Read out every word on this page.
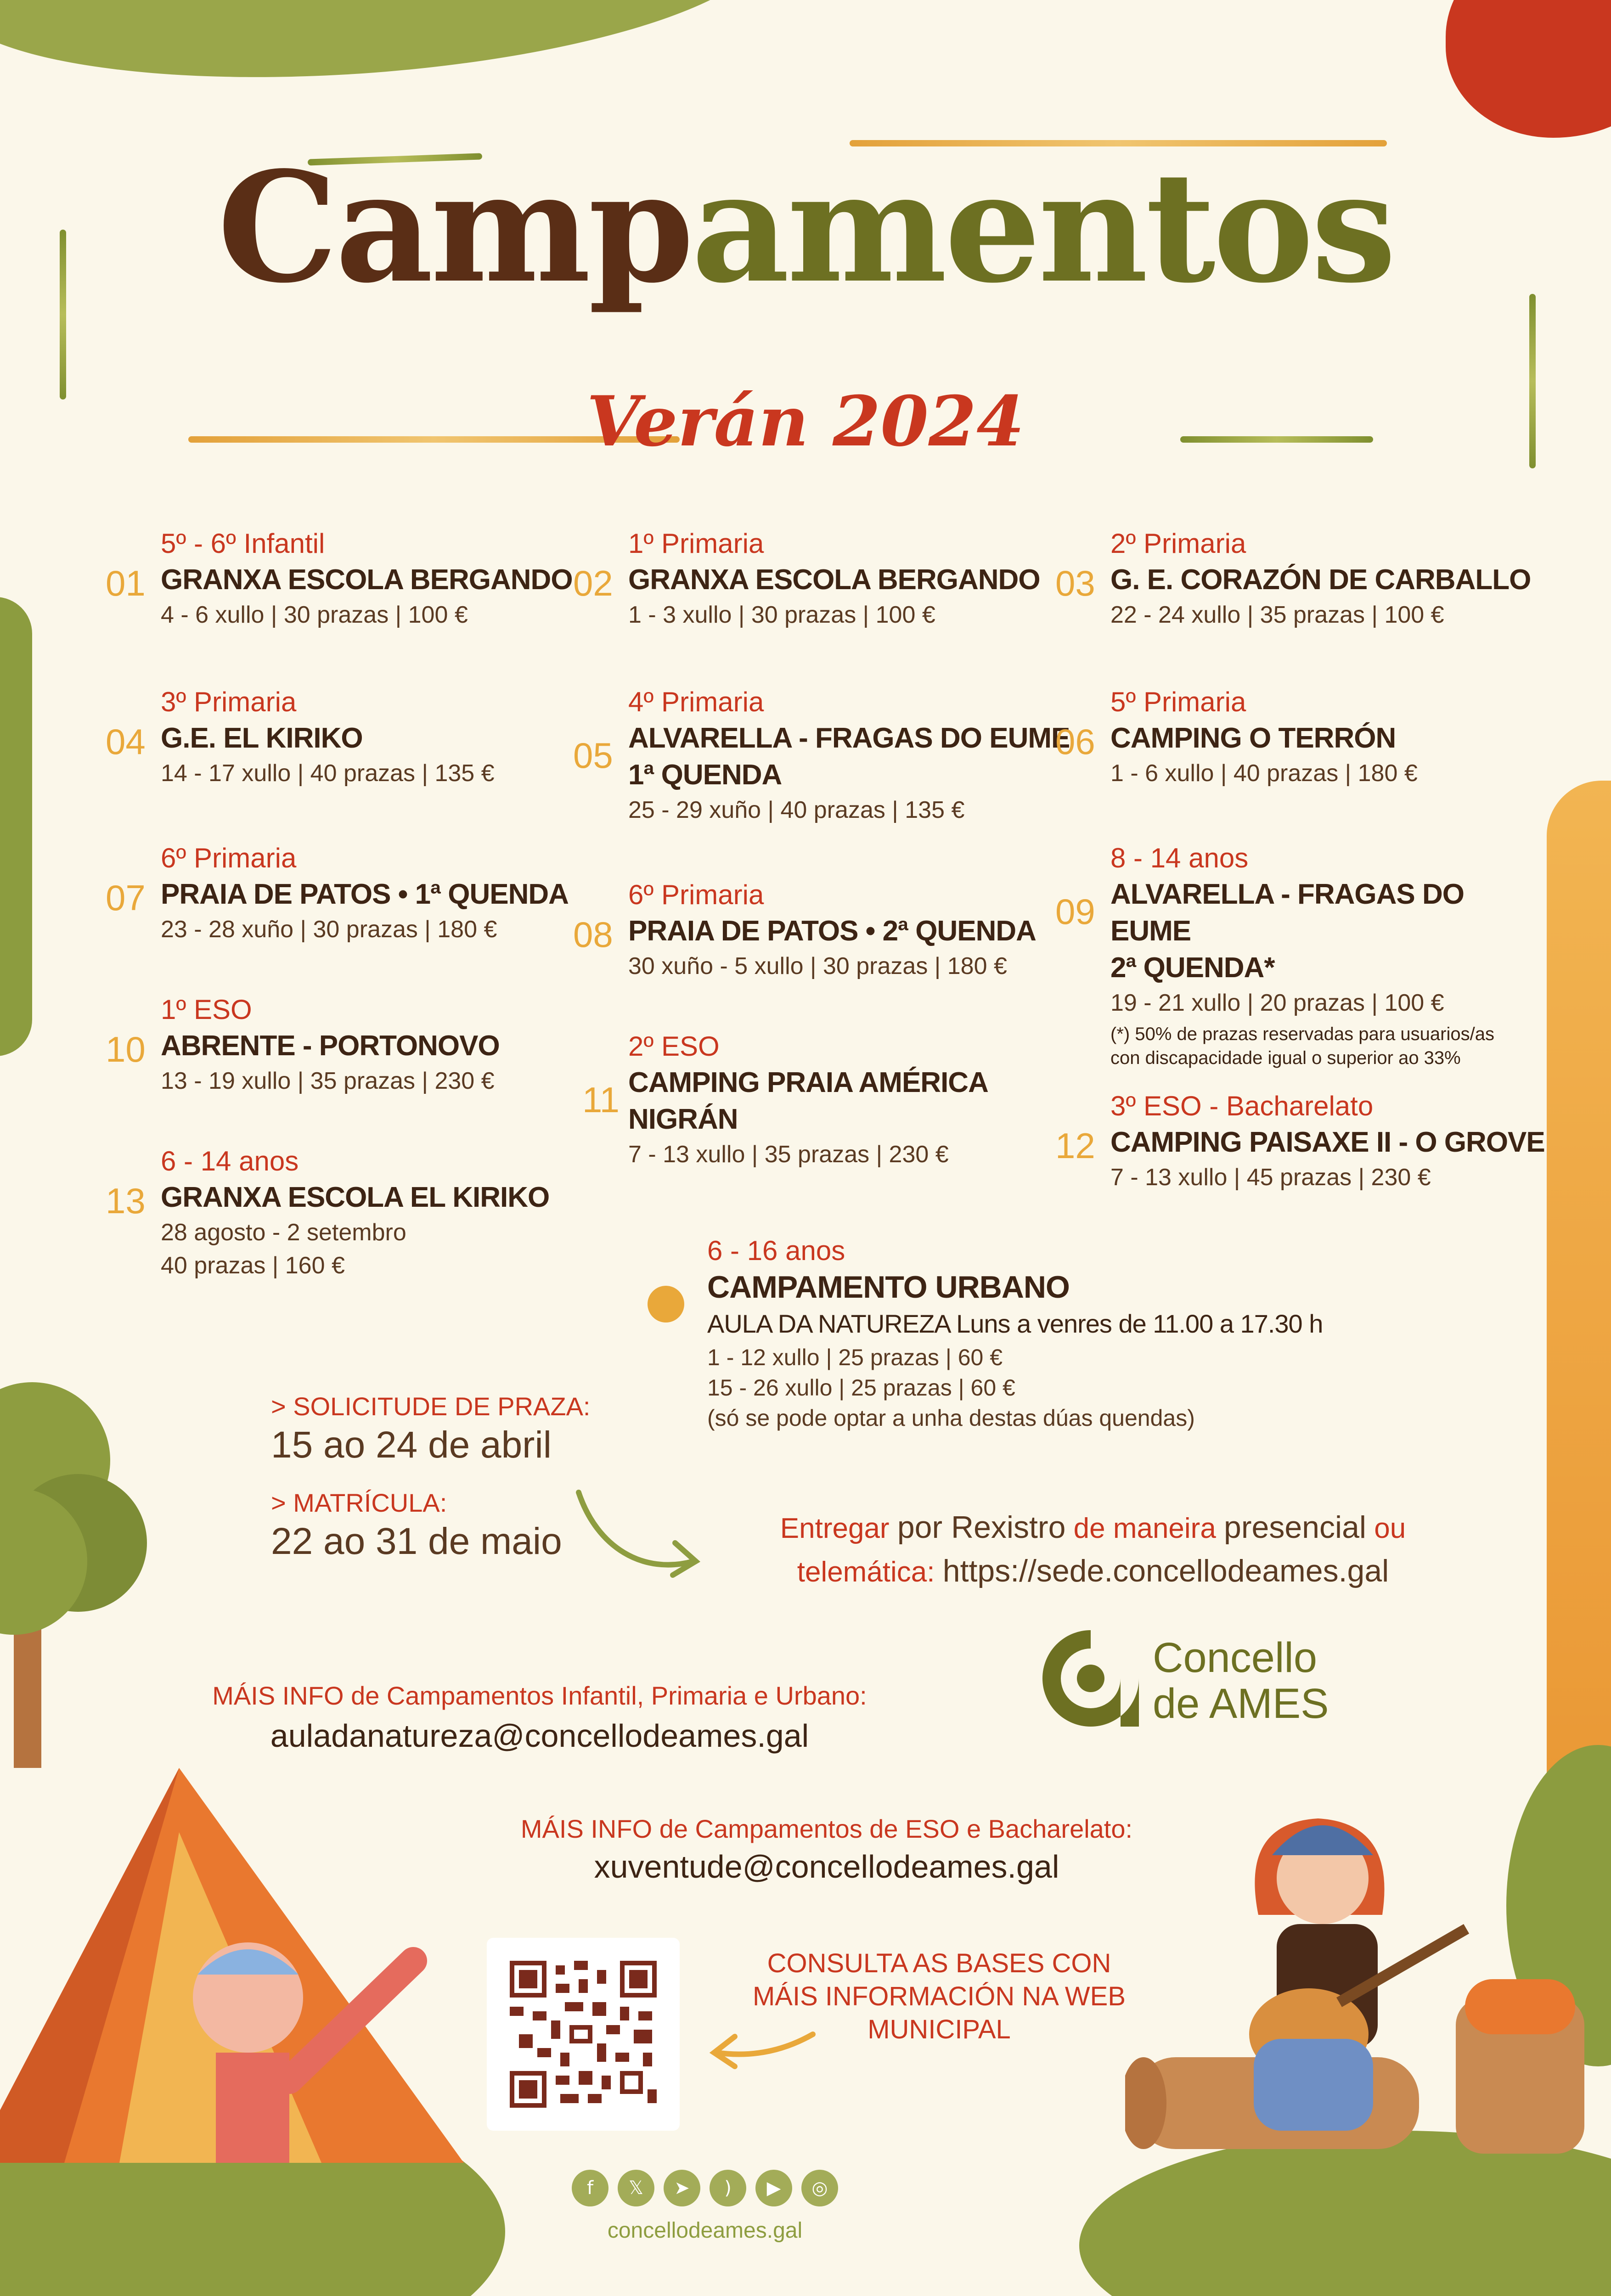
Campamentos
Verán 2024
01
5º - 6º Infantil
GRANXA ESCOLA BERGANDO
4 - 6 xullo | 30 prazas | 100 €
02
1º Primaria
GRANXA ESCOLA BERGANDO
1 - 3 xullo | 30 prazas | 100 €
03
2º Primaria
G. E. CORAZÓN DE CARBALLO
22 - 24 xullo | 35 prazas | 100 €
04
3º Primaria
G.E. EL KIRIKO
14 - 17 xullo | 40 prazas | 135 €	05
4º Primaria
ALVARELLA - FRAGAS DO EUME
1ª QUENDA
25 - 29 xuño | 40 prazas | 135 €
06
5º Primaria
CAMPING O TERRÓN
1 - 6 xullo | 40 prazas | 180 €
07
6º Primaria
PRAIA DE PATOS • 1ª QUENDA
23 - 28 xuño | 30 prazas | 180 €	08
6º Primaria
PRAIA DE PATOS • 2ª QUENDA
30 xuño - 5 xullo | 30 prazas | 180 €
09
8 - 14 anos
ALVARELLA - FRAGAS DO EUME
2ª QUENDA*
19 - 21 xullo | 20 prazas | 100 €
(*) 50% de prazas reservadas para usuarios/as con discapacidade igual o superior ao 33%
10
1º ESO
ABRENTE - PORTONOVO
13 - 19 xullo | 35 prazas | 230 €	11
2º ESO
CAMPING PRAIA AMÉRICA
NIGRÁN
7 - 13 xullo | 35 prazas | 230 €	12
3º ESO - Bacharelato
CAMPING PAISAXE II - O GROVE
7 - 13 xullo | 45 prazas | 230 €
13
6 - 14 anos
GRANXA ESCOLA EL KIRIKO
28 agosto - 2 setembro
40 prazas | 160 €	6 - 16 anos
CAMPAMENTO URBANO
AULA DA NATUREZA Luns a venres de 11.00 a 17.30 h
1 - 12 xullo | 25 prazas | 60 €
15 - 26 xullo | 25 prazas | 60 €
(só se pode optar a unha destas dúas quendas)
> SOLICITUDE DE PRAZA:
15 ao 24 de abril
> MATRÍCULA:
22 ao 31 de maio	Entregar por Rexistro de maneira presencial ou
telemática: https://sede.concellodeames.gal
Concello
de AMES
MÁIS INFO de Campamentos Infantil, Primaria e Urbano:
auladanatureza@concellodeames.gal
MÁIS INFO de Campamentos de ESO e Bacharelato:
xuventude@concellodeames.gal
CONSULTA AS BASES CON
MÁIS INFORMACIÓN NA WEB
MUNICIPAL
f	𝕏	➤	)	▶	◎
concellodeames.gal
